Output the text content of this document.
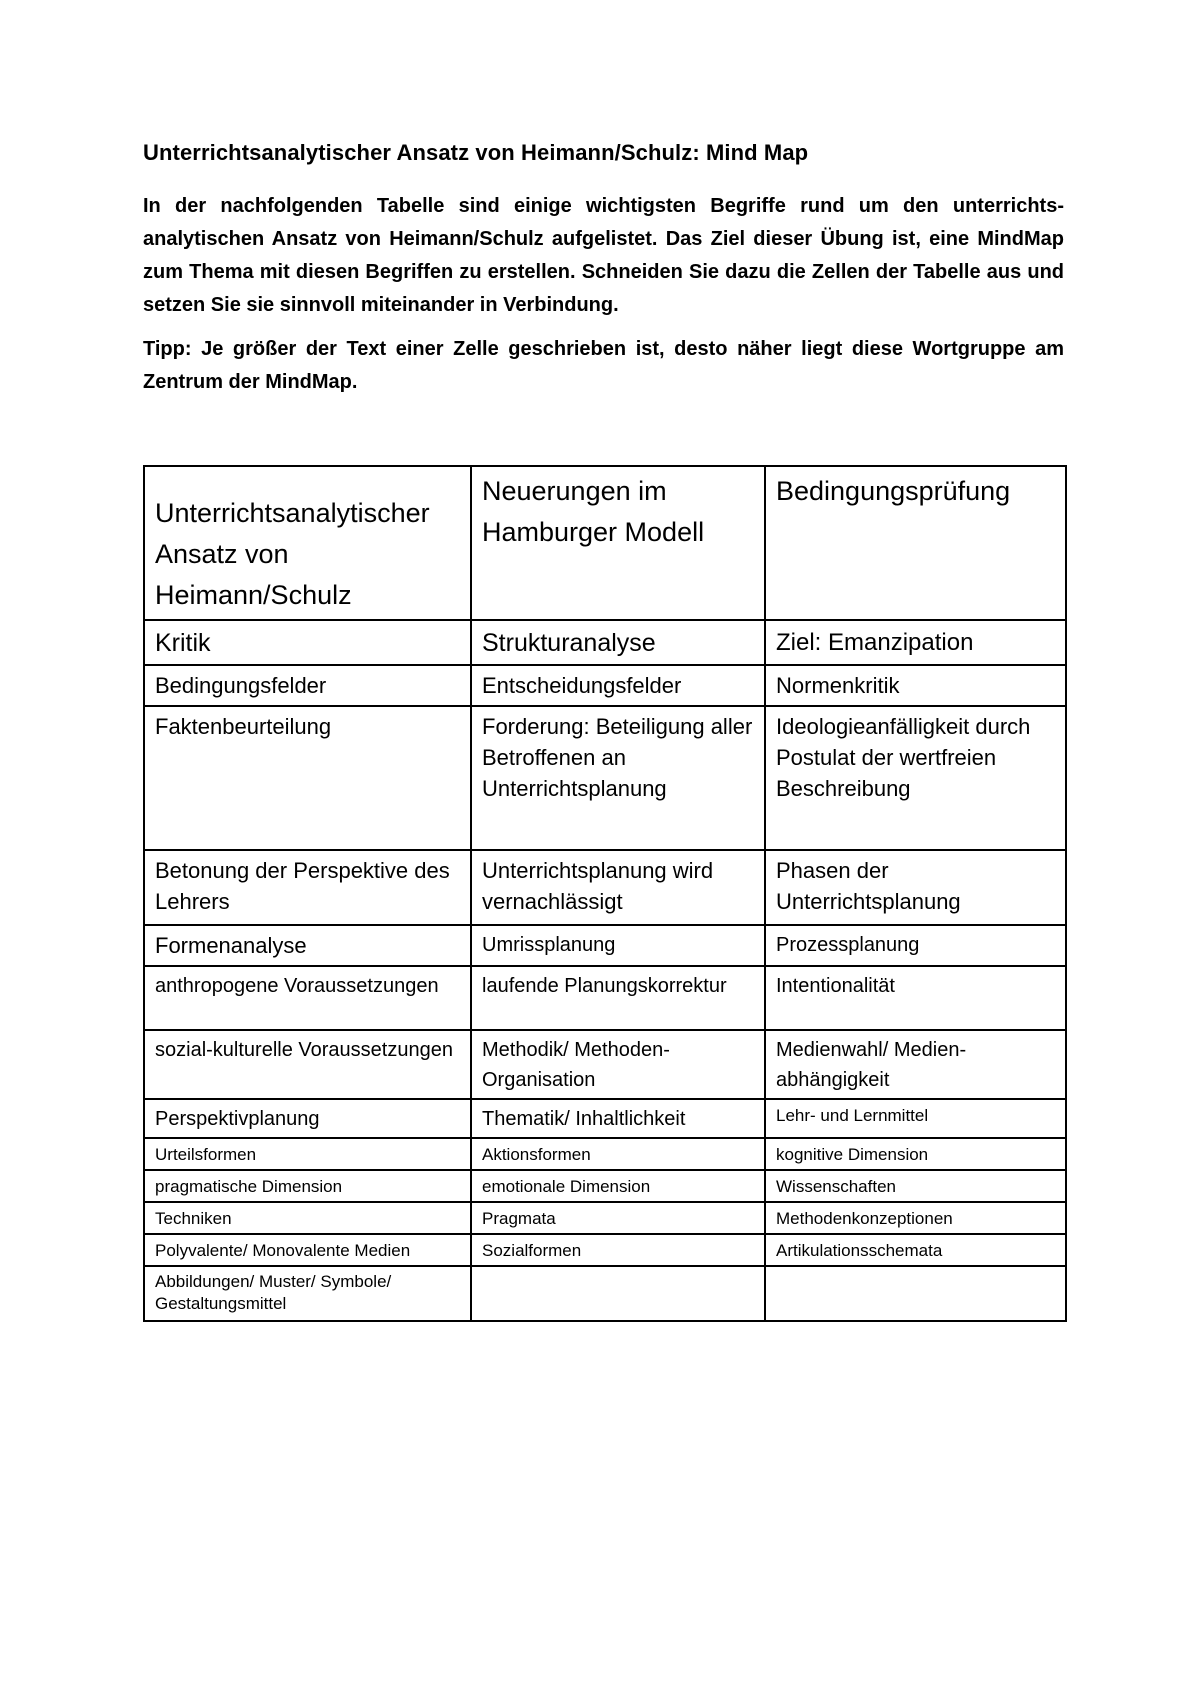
Unterrichtsanalytischer Ansatz von Heimann/Schulz: Mind Map

In der nachfolgenden Tabelle sind einige wichtigsten Begriffe rund um den unterrichts-analytischen Ansatz von Heimann/Schulz aufgelistet. Das Ziel dieser Übung ist, eine MindMap zum Thema mit diesen Begriffen zu erstellen. Schneiden Sie dazu die Zellen der Tabelle aus und setzen Sie sie sinnvoll miteinander in Verbindung.

Tipp: Je größer der Text einer Zelle geschrieben ist, desto näher liegt diese Wortgruppe am Zentrum der MindMap.

Unterrichtsanalytischer Ansatz von Heimann/Schulz	Neuerungen im Hamburger Modell	Bedingungsprüfung
Kritik	Strukturanalyse	Ziel: Emanzipation
Bedingungsfelder	Entscheidungsfelder	Normenkritik
Faktenbeurteilung	Forderung: Beteiligung aller Betroffenen an Unterrichtsplanung	Ideologieanfälligkeit durch Postulat der wertfreien Beschreibung
Betonung der Perspektive des Lehrers	Unterrichtsplanung wird vernachlässigt	Phasen der Unterrichtsplanung
Formenanalyse	Umrissplanung	Prozessplanung
anthropogene Voraussetzungen	laufende Planungskorrektur	Intentionalität
sozial-kulturelle Voraussetzungen	Methodik/ Methoden-Organisation	Medienwahl/ Medien-abhängigkeit
Perspektivplanung	Thematik/ Inhaltlichkeit	Lehr- und Lernmittel
Urteilsformen	Aktionsformen	kognitive Dimension
pragmatische Dimension	emotionale Dimension	Wissenschaften
Techniken	Pragmata	Methodenkonzeptionen
Polyvalente/ Monovalente Medien	Sozialformen	Artikulationsschemata
Abbildungen/ Muster/ Symbole/ Gestaltungsmittel		
